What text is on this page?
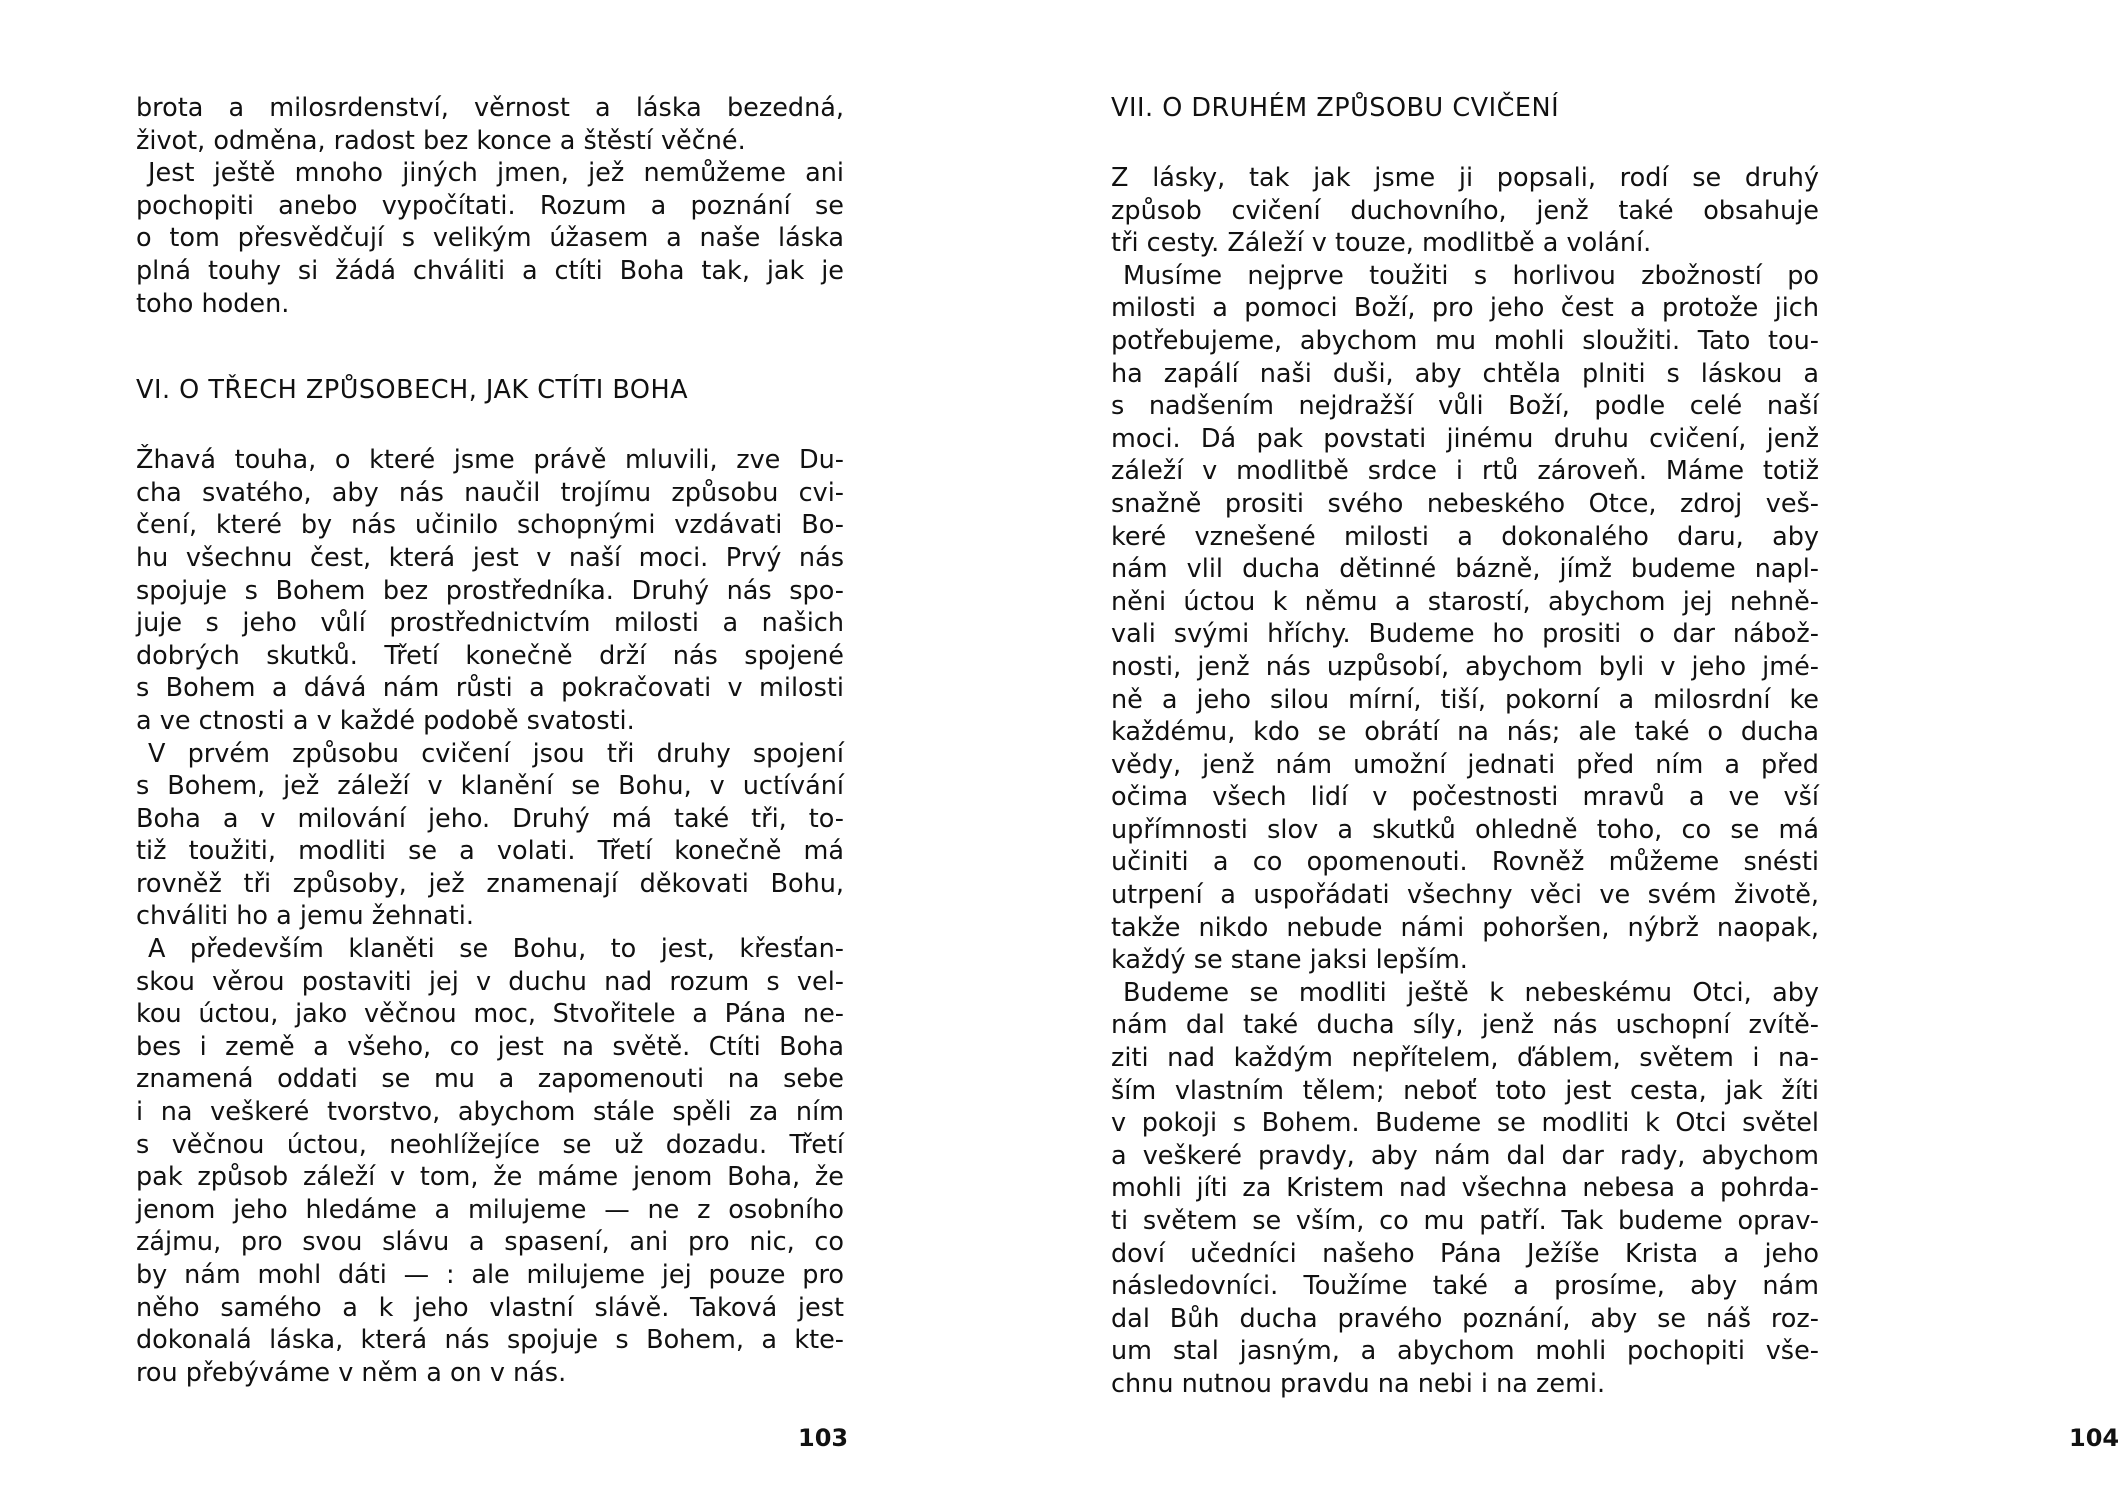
brota a milosrdenství, věrnost a láska bezedná,
život, odměna, radost bez konce a štěstí věčné.
Jest ještě mnoho jiných jmen, jež nemůžeme ani
pochopiti anebo vypočítati. Rozum a poznání se
o tom přesvědčují s velikým úžasem a naše láska
plná touhy si žádá chváliti a ctíti Boha tak, jak je
toho hoden.
VI. O TŘECH ZPŮSOBECH, JAK CTÍTI BOHA
Žhavá touha, o které jsme právě mluvili, zve Du-
cha svatého, aby nás naučil trojímu způsobu cvi-
čení, které by nás učinilo schopnými vzdávati Bo-
hu všechnu čest, která jest v naší moci. Prvý nás
spojuje s Bohem bez prostředníka. Druhý nás spo-
juje s jeho vůlí prostřednictvím milosti a našich
dobrých skutků. Třetí konečně drží nás spojené
s Bohem a dává nám růsti a pokračovati v milosti
a ve ctnosti a v každé podobě svatosti.
V prvém způsobu cvičení jsou tři druhy spojení
s Bohem, jež záleží v klanění se Bohu, v uctívání
Boha a v milování jeho. Druhý má také tři, to-
tiž toužiti, modliti se a volati. Třetí konečně má
rovněž tři způsoby, jež znamenají děkovati Bohu,
chváliti ho a jemu žehnati.
A především klaněti se Bohu, to jest, křesťan-
skou věrou postaviti jej v duchu nad rozum s vel-
kou úctou, jako věčnou moc, Stvořitele a Pána ne-
bes i země a všeho, co jest na světě. Ctíti Boha
znamená oddati se mu a zapomenouti na sebe
i na veškeré tvorstvo, abychom stále spěli za ním
s věčnou úctou, neohlížejíce se už dozadu. Třetí
pak způsob záleží v tom, že máme jenom Boha, že
jenom jeho hledáme a milujeme — ne z osobního
zájmu, pro svou slávu a spasení, ani pro nic, co
by nám mohl dáti — : ale milujeme jej pouze pro
něho samého a k jeho vlastní slávě. Taková jest
dokonalá láska, která nás spojuje s Bohem, a kte-
rou přebýváme v něm a on v nás.
103
VII. O DRUHÉM ZPŮSOBU CVIČENÍ
Z lásky, tak jak jsme ji popsali, rodí se druhý
způsob cvičení duchovního, jenž také obsahuje
tři cesty. Záleží v touze, modlitbě a volání.
Musíme nejprve toužiti s horlivou zbožností po
milosti a pomoci Boží, pro jeho čest a protože jich
potřebujeme, abychom mu mohli sloužiti. Tato tou-
ha zapálí naši duši, aby chtěla plniti s láskou a
s nadšením nejdražší vůli Boží, podle celé naší
moci. Dá pak povstati jinému druhu cvičení, jenž
záleží v modlitbě srdce i rtů zároveň. Máme totiž
snažně prositi svého nebeského Otce, zdroj veš-
keré vznešené milosti a dokonalého daru, aby
nám vlil ducha dětinné bázně, jímž budeme napl-
něni úctou k němu a starostí, abychom jej nehně-
vali svými hříchy. Budeme ho prositi o dar nábož-
nosti, jenž nás uzpůsobí, abychom byli v jeho jmé-
ně a jeho silou mírní, tiší, pokorní a milosrdní ke
každému, kdo se obrátí na nás; ale také o ducha
vědy, jenž nám umožní jednati před ním a před
očima všech lidí v počestnosti mravů a ve vší
upřímnosti slov a skutků ohledně toho, co se má
učiniti a co opomenouti. Rovněž můžeme snésti
utrpení a uspořádati všechny věci ve svém životě,
takže nikdo nebude námi pohoršen, nýbrž naopak,
každý se stane jaksi lepším.
Budeme se modliti ještě k nebeskému Otci, aby
nám dal také ducha síly, jenž nás uschopní zvítě-
ziti nad každým nepřítelem, ďáblem, světem i na-
ším vlastním tělem; neboť toto jest cesta, jak žíti
v pokoji s Bohem. Budeme se modliti k Otci světel
a veškeré pravdy, aby nám dal dar rady, abychom
mohli jíti za Kristem nad všechna nebesa a pohrda-
ti světem se vším, co mu patří. Tak budeme oprav-
doví učedníci našeho Pána Ježíše Krista a jeho
následovníci. Toužíme také a prosíme, aby nám
dal Bůh ducha pravého poznání, aby se náš roz-
um stal jasným, a abychom mohli pochopiti vše-
chnu nutnou pravdu na nebi i na zemi.
104
